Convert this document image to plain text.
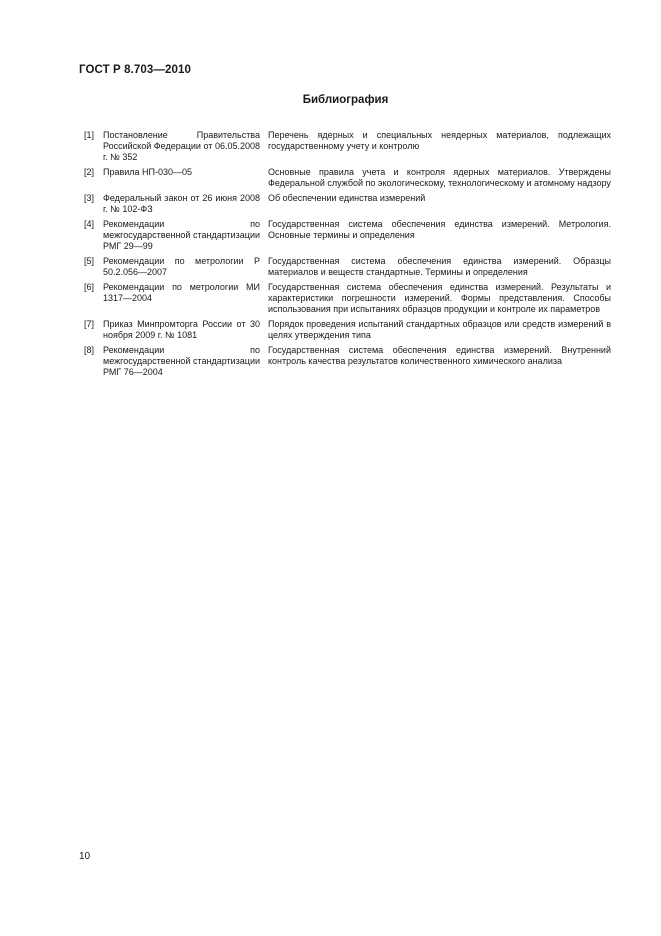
ГОСТ Р 8.703—2010
Библиография
[1] Постановление Правительства Российской Федерации от 06.05.2008 г. № 352
Перечень ядерных и специальных неядерных материалов, подлежащих государственному учету и контролю
[2] Правила НП-030—05	Основные правила учета и контроля ядерных материалов. Утверждены Федеральной службой по экологическому, технологическому и атомному надзору
[3] Федеральный закон от 26 июня 2008 г. № 102-ФЗ
Об обеспечении единства измерений
[4] Рекомендации по межгосударственной стандартизации РМГ 29—99
Государственная система обеспечения единства измерений. Метрология. Основные термины и определения
[5] Рекомендации по метрологии Р 50.2.056—2007
Государственная система обеспечения единства измерений. Образцы материалов и веществ стандартные. Термины и определения
[6] Рекомендации по метрологии МИ 1317—2004
Государственная система обеспечения единства измерений. Результаты и характеристики погрешности измерений. Формы представления. Способы использования при испытаниях образцов продукции и контроле их параметров
[7] Приказ Минпромторга России от 30 ноября 2009 г. № 1081
Порядок проведения испытаний стандартных образцов или средств измерений в целях утверждения типа
[8] Рекомендации по межгосударственной стандартизации РМГ 76—2004
Государственная система обеспечения единства измерений. Внутренний контроль качества результатов количественного химического анализа
10
